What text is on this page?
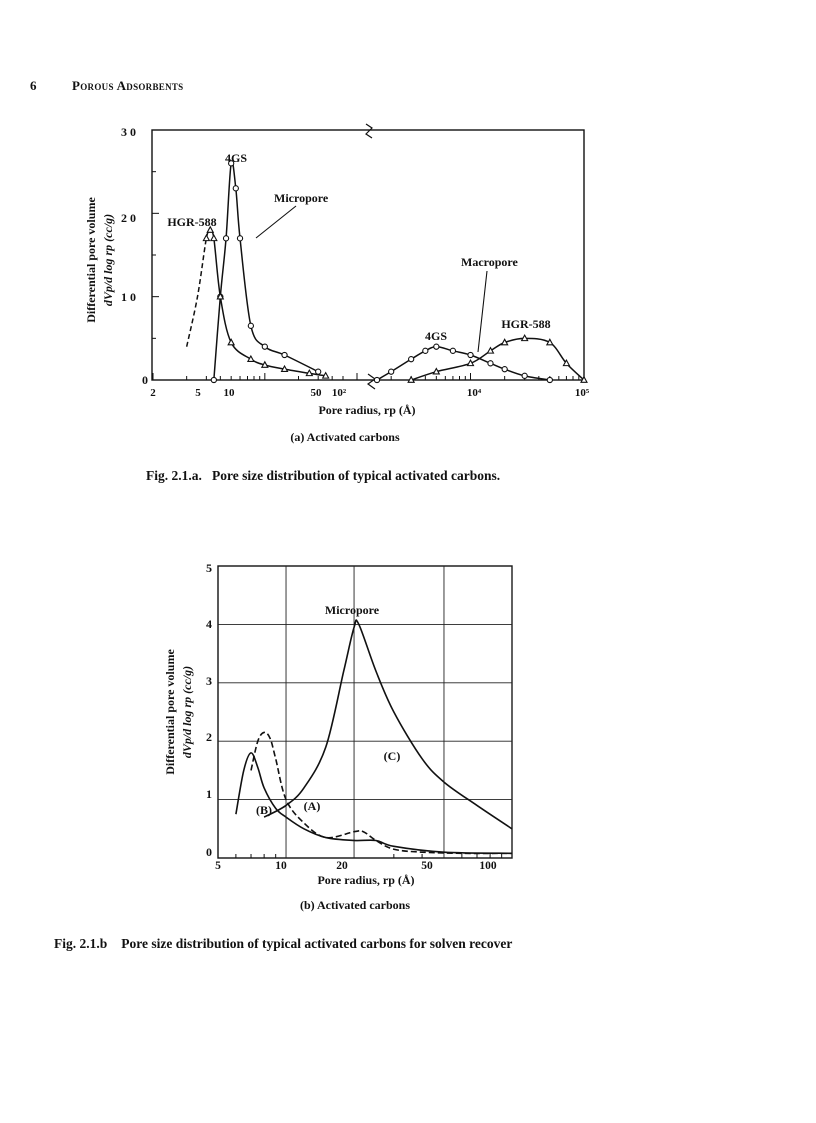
6	Porous Adsorbents
3 0
2 0
1 0
0
2	5 10	50 10²	10⁴	10⁵
Pore radius, rp (Å)
(a) Activated carbons
Differential pore volume dVp/d log rp (cc/g)
4GS
HGR-588
Micropore
Macropore
4GS
HGR-588
5
4
3
2
1
0
5	10	20	50	100
Pore radius, rp (Å)
(b) Activated carbons
Differential pore volume dVp/d log rp (cc/g)
Micropore
(A)
(B)
(C)
Fig. 2.1.a. Pore size distribution of typical activated carbons.
Fig. 2.1.b Pore size distribution of typical activated carbons for solven recover
